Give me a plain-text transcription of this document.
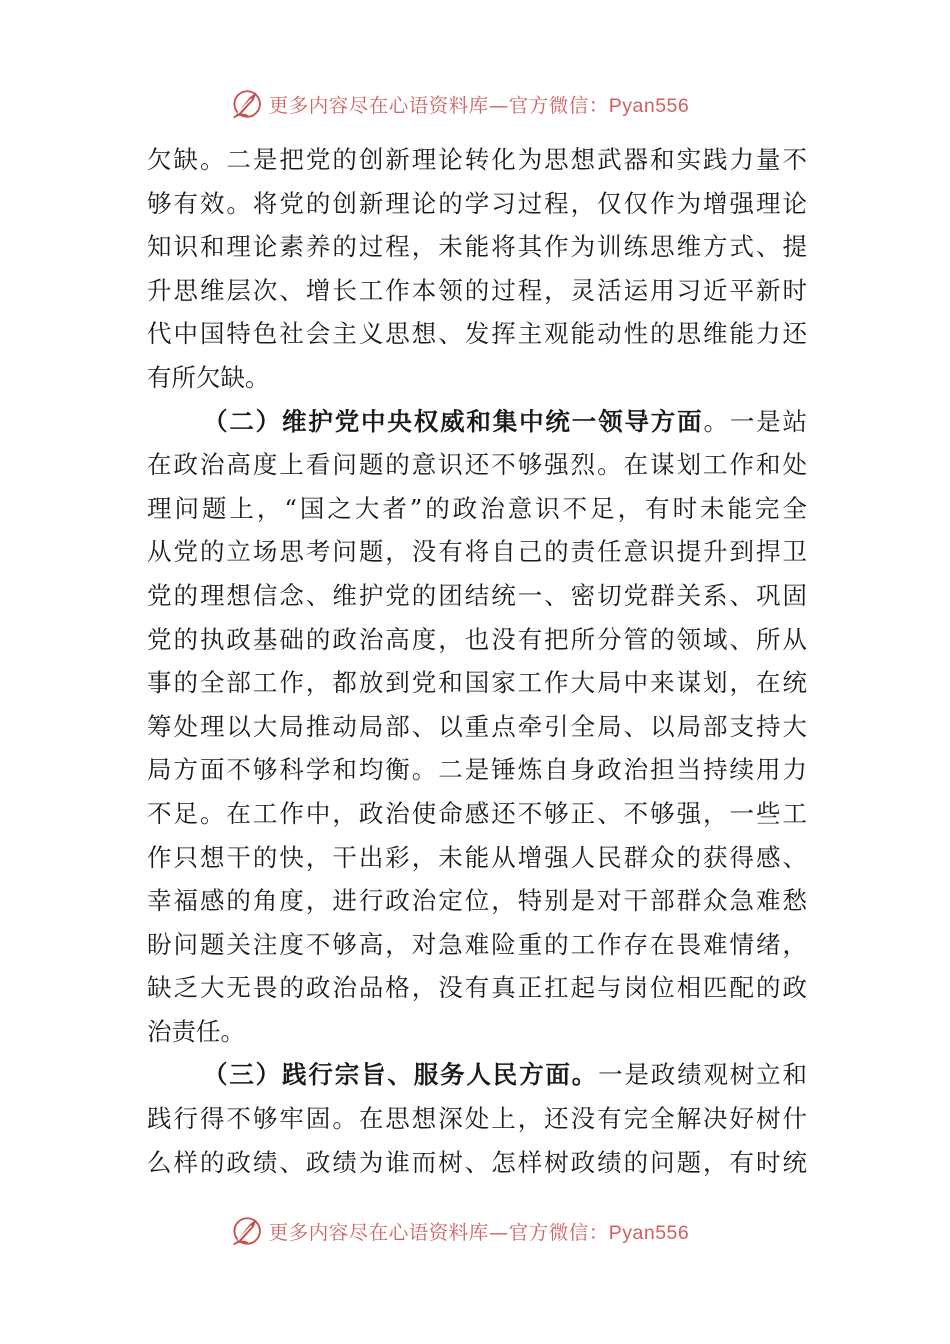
更多内容尽在心语资料库—官方微信：Pyan556
欠缺。二是把党的创新理论转化为思想武器和实践力量不
够有效。将党的创新理论的学习过程，仅仅作为增强理论
知识和理论素养的过程，未能将其作为训练思维方式、提
升思维层次、增长工作本领的过程，灵活运用习近平新时
代中国特色社会主义思想、发挥主观能动性的思维能力还
有所欠缺。
（二）维护党中央权威和集中统一领导方面。一是站
在政治高度上看问题的意识还不够强烈。在谋划工作和处
理问题上，“国之大者”的政治意识不足，有时未能完全
从党的立场思考问题，没有将自己的责任意识提升到捍卫
党的理想信念、维护党的团结统一、密切党群关系、巩固
党的执政基础的政治高度，也没有把所分管的领域、所从
事的全部工作，都放到党和国家工作大局中来谋划，在统
筹处理以大局推动局部、以重点牵引全局、以局部支持大
局方面不够科学和均衡。二是锤炼自身政治担当持续用力
不足。在工作中，政治使命感还不够正、不够强，一些工
作只想干的快，干出彩，未能从增强人民群众的获得感、
幸福感的角度，进行政治定位，特别是对干部群众急难愁
盼问题关注度不够高，对急难险重的工作存在畏难情绪，
缺乏大无畏的政治品格，没有真正扛起与岗位相匹配的政
治责任。
（三）践行宗旨、服务人民方面。一是政绩观树立和
践行得不够牢固。在思想深处上，还没有完全解决好树什
么样的政绩、政绩为谁而树、怎样树政绩的问题，有时统
更多内容尽在心语资料库—官方微信：Pyan556
